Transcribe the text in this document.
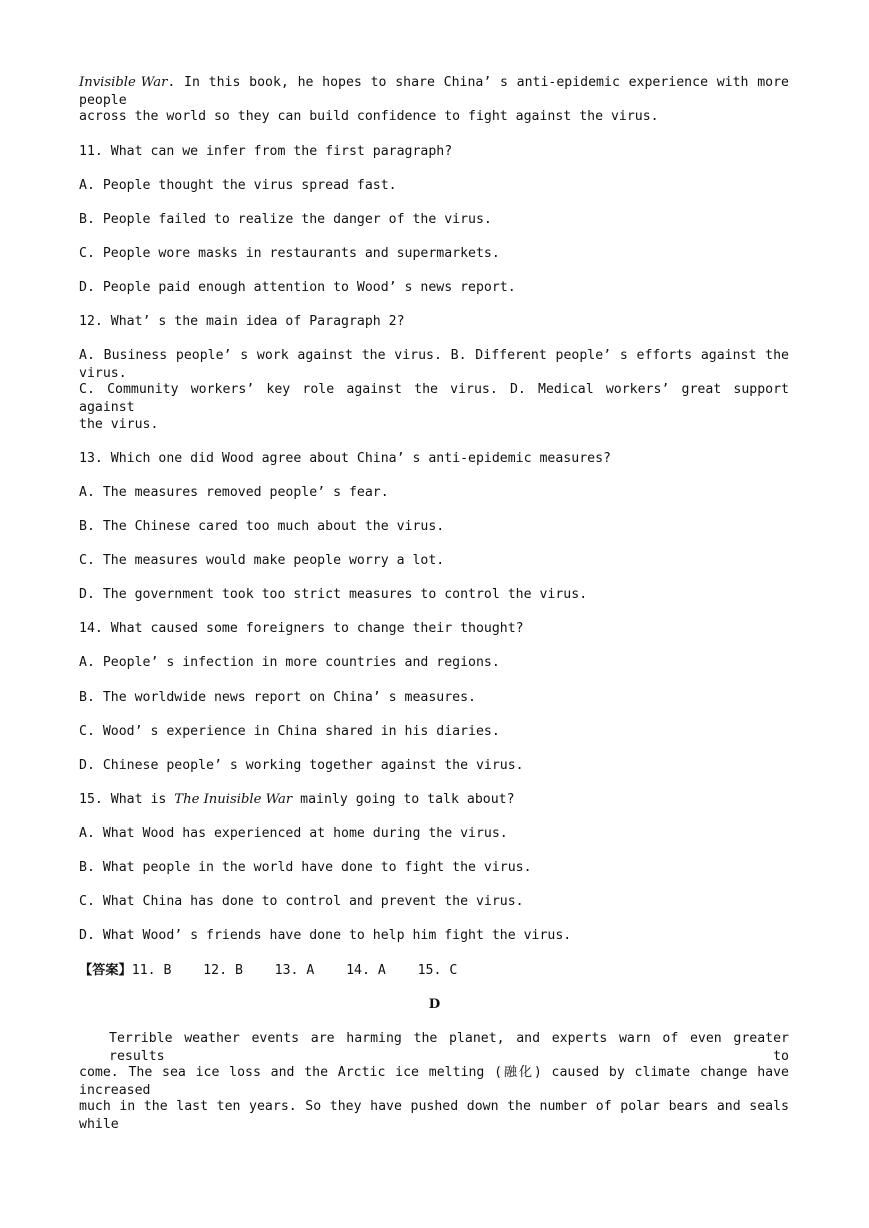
Invisible War. In this book, he hopes to share China’ s anti-epidemic experience with more people
across the world so they can build confidence to fight against the virus.
11. What can we infer from the first paragraph?
A. People thought the virus spread fast.
B. People failed to realize the danger of the virus.
C. People wore masks in restaurants and supermarkets.
D. People paid enough attention to Wood’ s news report.
12. What’ s the main idea of Paragraph 2?
A. Business people’ s work against the virus. B. Different people’ s efforts against the virus.
C. Community workers’ key role against the virus. D. Medical workers’ great support against
the virus.
13. Which one did Wood agree about China’ s anti-epidemic measures?
A. The measures removed people’ s fear.
B. The Chinese cared too much about the virus.
C. The measures would make people worry a lot.
D. The government took too strict measures to control the virus.
14. What caused some foreigners to change their thought?
A. People’ s infection in more countries and regions.
B. The worldwide news report on China’ s measures.
C. Wood’ s experience in China shared in his diaries.
D. Chinese people’ s working together against the virus.
15. What is The Inuisible War mainly going to talk about?
A. What Wood has experienced at home during the virus.
B. What people in the world have done to fight the virus.
C. What China has done to control and prevent the virus.
D. What Wood’ s friends have done to help him fight the virus.
【答案】11. B    12. B    13. A    14. A    15. C
D
Terrible weather events are harming the planet, and experts warn of even greater results to
come. The sea ice loss and the Arctic ice melting (融化) caused by climate change have increased
much in the last ten years. So they have pushed down the number of polar bears and seals while
